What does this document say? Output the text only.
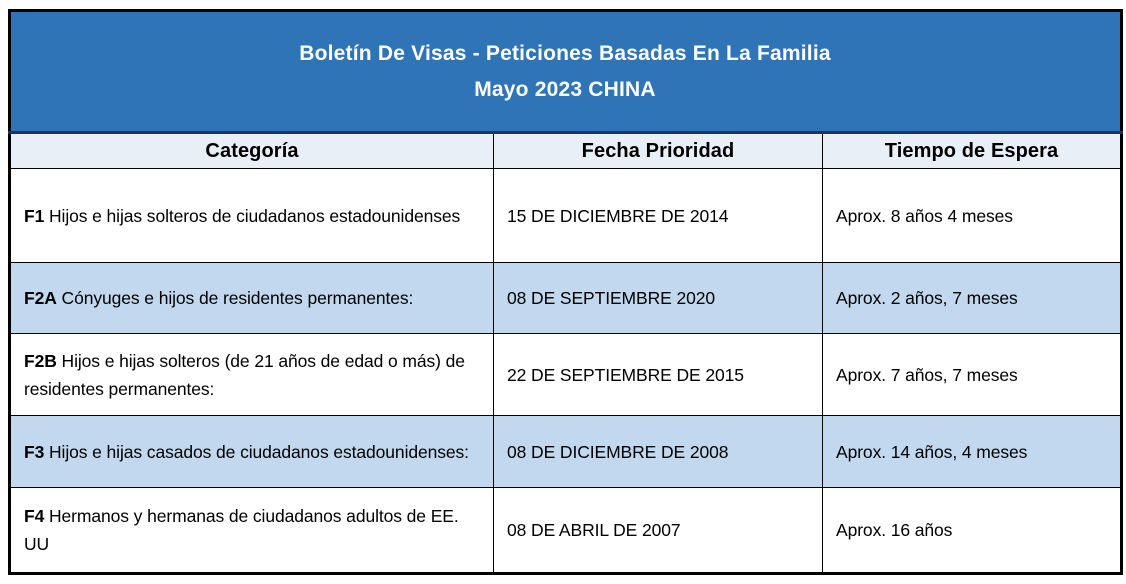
Boletín De Visas - Peticiones Basadas En La Familia
Mayo 2023 CHINA		

Categoría	Fecha Prioridad	Tiempo de Espera
F1 Hijos e hijas solteros de ciudadanos estadounidenses	15 DE DICIEMBRE DE 2014	Aprox. 8 años 4 meses
F2A Cónyuges e hijos de residentes permanentes:	08 DE SEPTIEMBRE 2020	Aprox. 2 años, 7 meses
F2B Hijos e hijas solteros (de 21 años de edad o más) de residentes permanentes:	22 DE SEPTIEMBRE DE 2015	Aprox. 7 años, 7 meses
F3 Hijos e hijas casados de ciudadanos estadounidenses:	08 DE DICIEMBRE DE 2008	Aprox. 14 años, 4 meses
F4 Hermanos y hermanas de ciudadanos adultos de EE. UU	08 DE ABRIL DE 2007	Aprox. 16 años
